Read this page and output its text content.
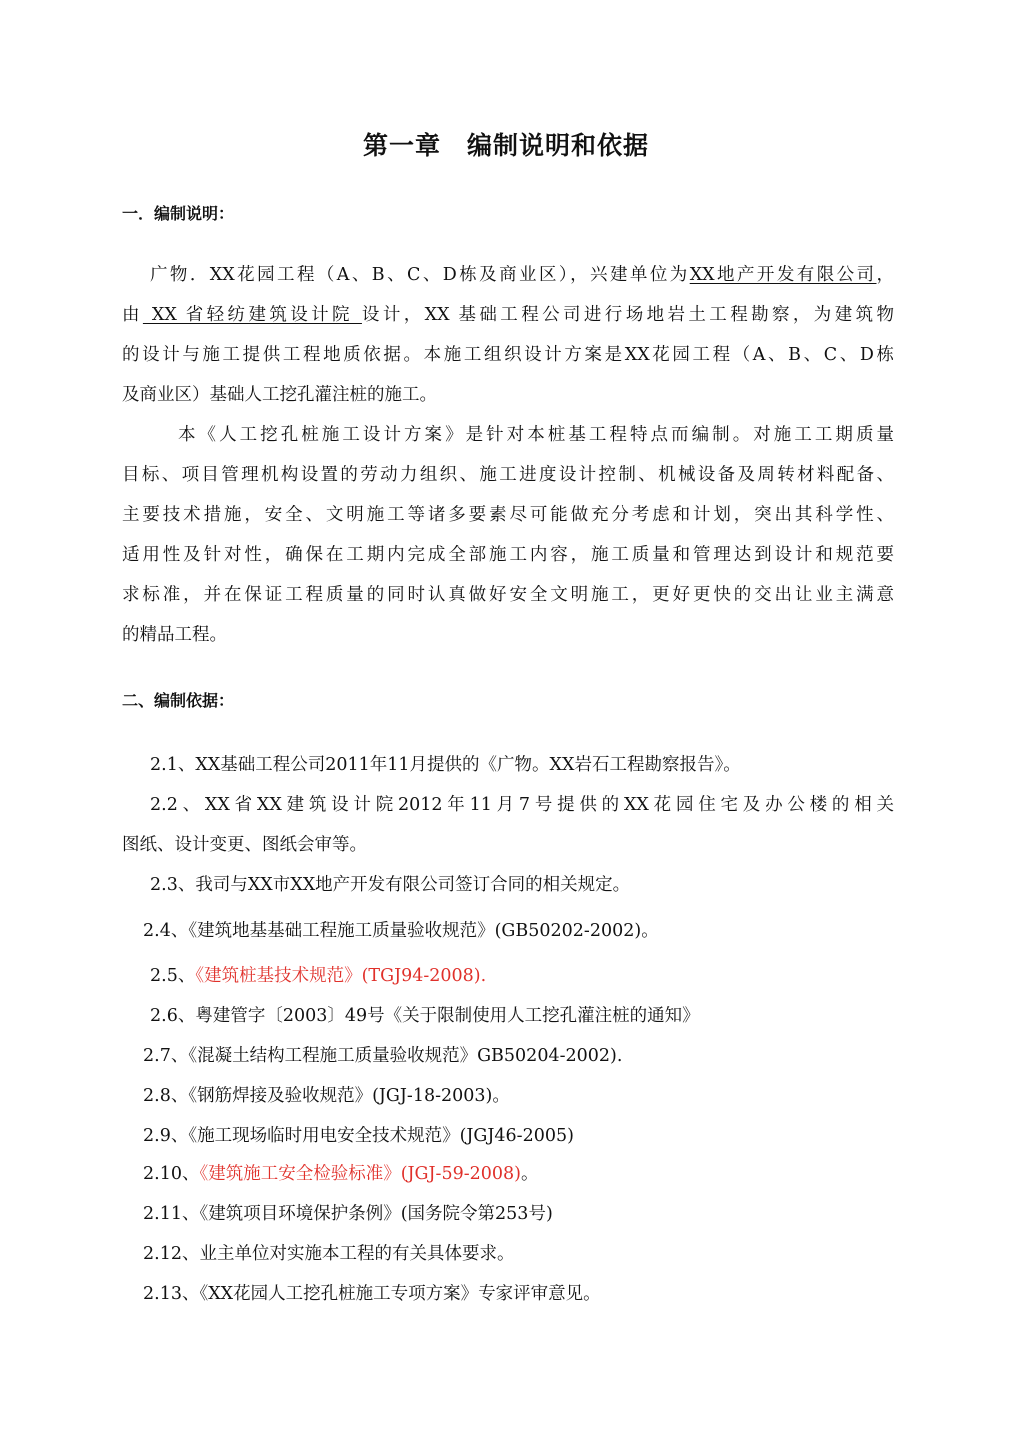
第一章　编制说明和依据
一．编制说明：
广物．XX花园工程（A、B、C、D栋及商业区），兴建单位为XX地产开发有限公司，
由 XX 省轻纺建筑设计院 设计，XX 基础工程公司进行场地岩土工程勘察，为建筑物
的设计与施工提供工程地质依据。本施工组织设计方案是XX花园工程（A、B、C、D栋
及商业区）基础人工挖孔灌注桩的施工。
本《人工挖孔桩施工设计方案》是针对本桩基工程特点而编制。对施工工期质量
目标、项目管理机构设置的劳动力组织、施工进度设计控制、机械设备及周转材料配备、
主要技术措施，安全、文明施工等诸多要素尽可能做充分考虑和计划，突出其科学性、
适用性及针对性，确保在工期内完成全部施工内容，施工质量和管理达到设计和规范要
求标准，并在保证工程质量的同时认真做好安全文明施工，更好更快的交出让业主满意
的精品工程。
二、编制依据：
2.1、XX基础工程公司2011年11月提供的《广物。XX岩石工程勘察报告》。
2.2、XX省XX建筑设计院2012年11月7号提供的XX花园住宅及办公楼的相关
图纸、设计变更、图纸会审等。
2.3、我司与XX市XX地产开发有限公司签订合同的相关规定。
2.4、《建筑地基基础工程施工质量验收规范》(GB50202-2002)。
2.5、《建筑桩基技术规范》(TGJ94-2008).
2.6、粤建管字〔2003〕49号《关于限制使用人工挖孔灌注桩的通知》
2.7、《混凝土结构工程施工质量验收规范》GB50204-2002).
2.8、《钢筋焊接及验收规范》(JGJ-18-2003)。
2.9、《施工现场临时用电安全技术规范》(JGJ46-2005)
2.10、《建筑施工安全检验标准》(JGJ-59-2008)。
2.11、《建筑项目环境保护条例》(国务院令第253号)
2.12、业主单位对实施本工程的有关具体要求。
2.13、《XX花园人工挖孔桩施工专项方案》专家评审意见。
